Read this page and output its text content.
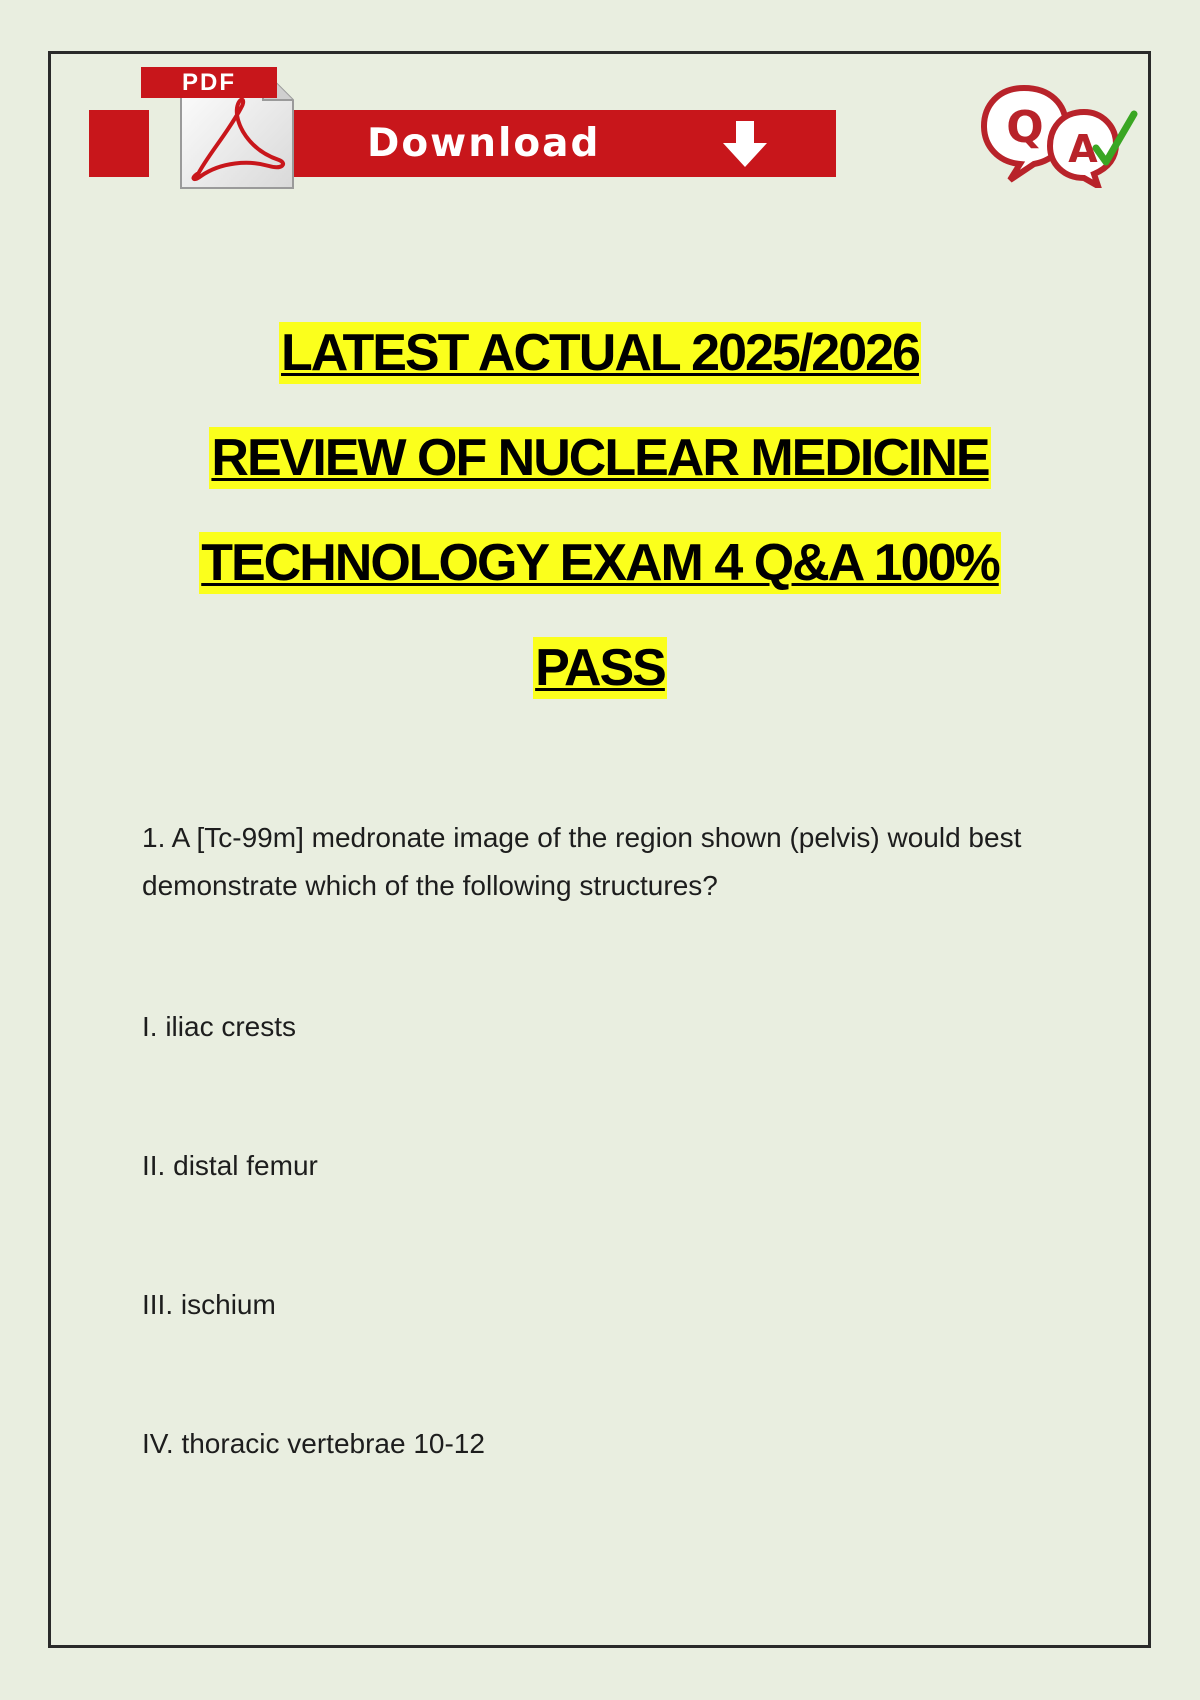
PDF
Download	Q A
LATEST ACTUAL 2025/2026
REVIEW OF NUCLEAR MEDICINE
TECHNOLOGY EXAM 4 Q&A 100%
PASS
1. A [Tc-99m] medronate image of the region shown (pelvis) would best demonstrate which of the following structures?
I. iliac crests
II. distal femur
III. ischium
IV. thoracic vertebrae 10-12
